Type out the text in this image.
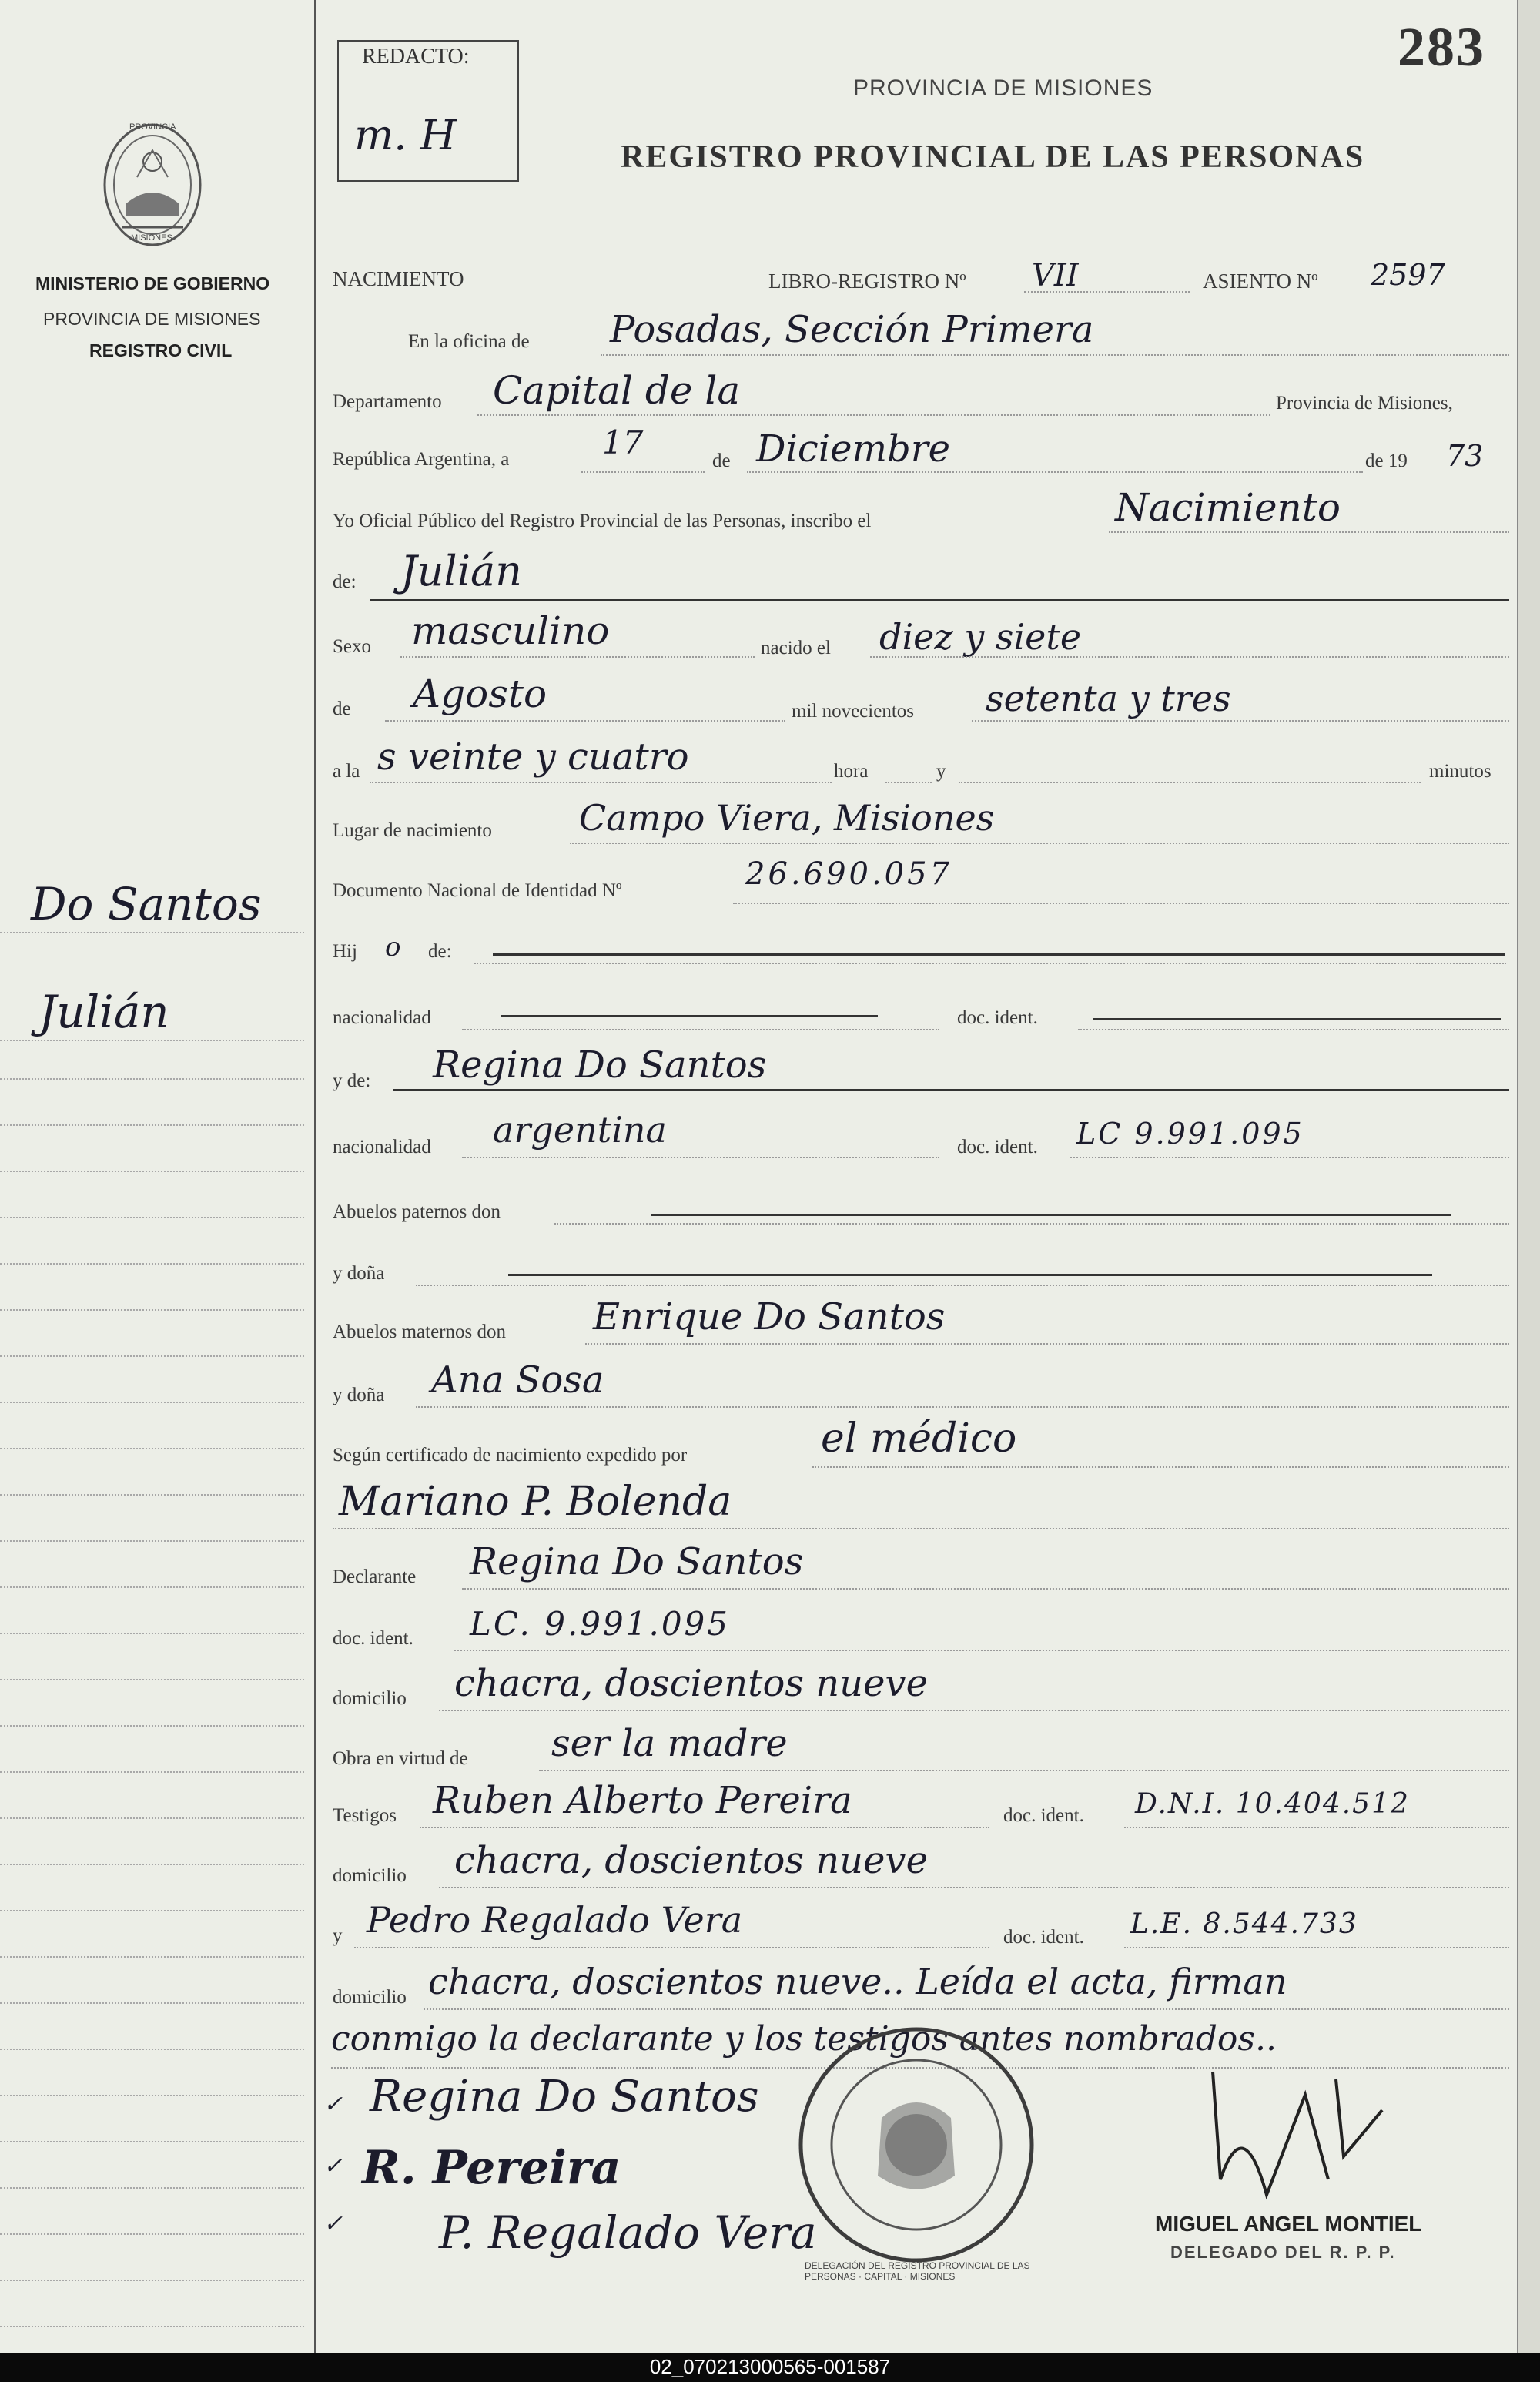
283
REDACTO:
m. H
PROVINCIA DE MISIONES
REGISTRO PROVINCIAL DE LAS PERSONAS
PROVINCIA
MISIONES
MINISTERIO DE GOBIERNO
PROVINCIA DE MISIONES
REGISTRO CIVIL
Do Santos
Julián
NACIMIENTO	LIBRO-REGISTRO Nº VII	ASIENTO Nº 2597
En la oficina de Posadas, Sección Primera
Departamento Capital de la	Provincia de Misiones,
República Argentina, a	17	de Diciembre	de 19 73
Yo Oficial Público del Registro Provincial de las Personas, inscribo el	Nacimiento
de: Julián
Sexo masculino	nacido el diez y siete
de Agosto	mil novecientos setenta y tres
a la s veinte y cuatro	hora	y	minutos
Lugar de nacimiento Campo Viera, Misiones
Documento Nacional de Identidad Nº	26.690.057
Hij o de:
nacionalidad	doc. ident.
y de: Regina Do Santos
nacionalidad argentina	doc. ident. LC 9.991.095
Abuelos paternos don
y doña
Abuelos maternos don Enrique Do Santos
y doña Ana Sosa
Según certificado de nacimiento expedido por	el médico
Mariano P. Bolenda
Declarante Regina Do Santos
doc. ident. LC. 9.991.095
domicilio chacra, doscientos nueve
Obra en virtud de ser la madre
Testigos Ruben Alberto Pereira	doc. ident. D.N.I. 10.404.512
domicilio chacra, doscientos nueve
y Pedro Regalado Vera	doc. ident. L.E. 8.544.733
domicilio chacra, doscientos nueve.. Leída el acta, firman
conmigo la declarante y los testigos antes nombrados..
✓
✓
✓
Regina Do Santos
R. Pereira
P. Regalado Vera
DELEGACIÓN DEL REGISTRO PROVINCIAL DE LAS PERSONAS · CAPITAL · MISIONES
MIGUEL ANGEL MONTIEL
DELEGADO DEL R. P. P.
02_070213000565-001587
